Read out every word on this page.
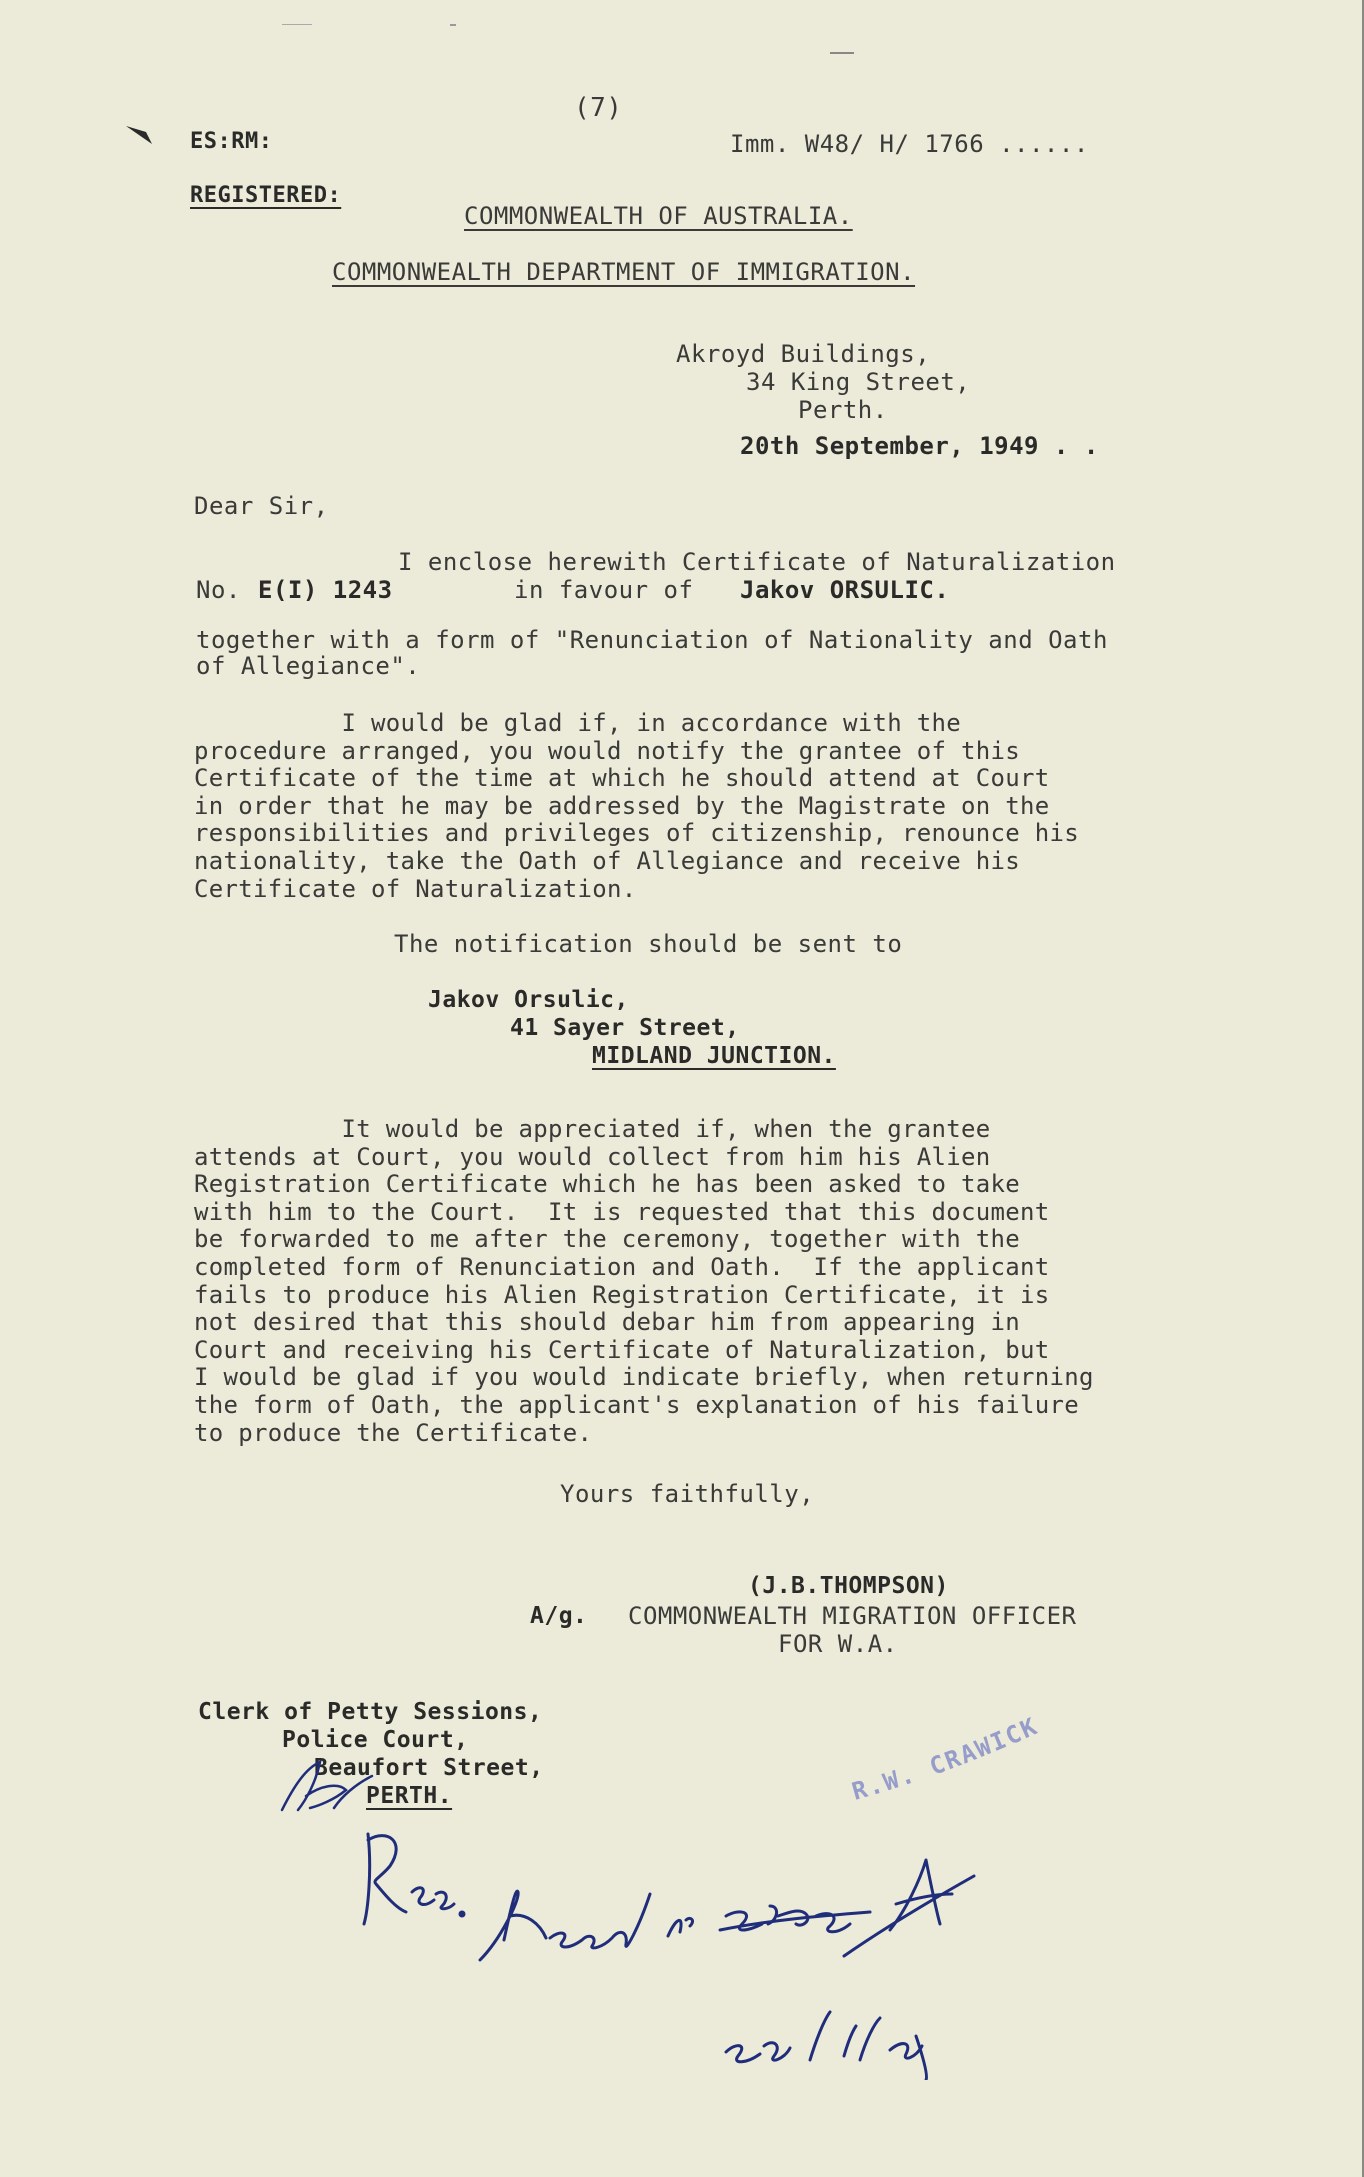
(7)
ES:RM:	Imm. W48/ H/ 1766 ......
REGISTERED:
COMMONWEALTH OF AUSTRALIA.
COMMONWEALTH DEPARTMENT OF IMMIGRATION.
Akroyd Buildings,
34 King Street,
Perth.
20th September, 1949 . .
Dear Sir,
I enclose herewith Certificate of Naturalization
No. E(I) 1243	in favour of Jakov ORSULIC.
together with a form of "Renunciation of Nationality and Oath
of Allegiance".
I would be glad if, in accordance with the
procedure arranged, you would notify the grantee of this
Certificate of the time at which he should attend at Court
in order that he may be addressed by the Magistrate on the
responsibilities and privileges of citizenship, renounce his
nationality, take the Oath of Allegiance and receive his
Certificate of Naturalization.
The notification should be sent to
Jakov Orsulic,
41 Sayer Street,
MIDLAND JUNCTION.
It would be appreciated if, when the grantee
attends at Court, you would collect from him his Alien
Registration Certificate which he has been asked to take
with him to the Court.  It is requested that this document
be forwarded to me after the ceremony, together with the
completed form of Renunciation and Oath.  If the applicant
fails to produce his Alien Registration Certificate, it is
not desired that this should debar him from appearing in
Court and receiving his Certificate of Naturalization, but
I would be glad if you would indicate briefly, when returning
the form of Oath, the applicant's explanation of his failure
to produce the Certificate.
Yours faithfully,
(J.B.THOMPSON)
A/g. COMMONWEALTH MIGRATION OFFICER
FOR W.A.
Clerk of Petty Sessions,
Police Court,
Beaufort Street,
PERTH.	R.W. CRAWICK
